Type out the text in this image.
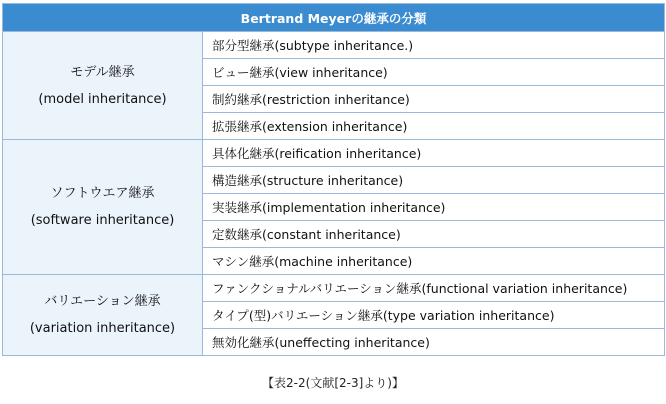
Bertrand Meyerの継承の分類	

モデル継承
(model inheritance)	部分型継承(subtype inheritance.)
	ビュー継承(view inheritance)
	制約継承(restriction inheritance)
	拡張継承(extension inheritance)

ソフトウエア継承
(software inheritance)	具体化継承(reification inheritance)
	構造継承(structure inheritance)
	実装継承(implementation inheritance)
	定数継承(constant inheritance)
	マシン継承(machine inheritance)

バリエーション継承
(variation inheritance)	ファンクショナルバリエーション継承(functional variation inheritance)
	タイプ(型)バリエーション継承(type variation inheritance)
	無効化継承(uneffecting inheritance)
【表2-2(文献[2-3]より)】
